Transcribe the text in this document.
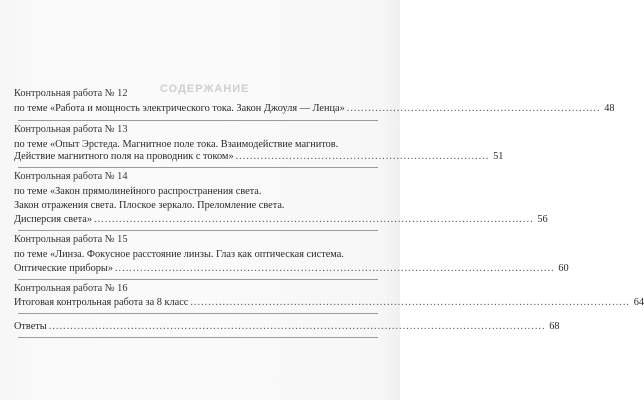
СОДЕРЖАНИЕ
Контрольная работа № 12
по теме «Работа и мощность электрического тока. Закон Джоуля — Ленца» ....................................................................... 48
Контрольная работа № 13
по теме «Опыт Эрстеда. Магнитное поле тока. Взаимодействие магнитов.
Действие магнитного поля на проводник с током» ....................................................................... 51
Контрольная работа № 14
по теме «Закон прямолинейного распространения света.
Закон отражения света. Плоское зеркало. Преломление света.
Дисперсия света» ........................................................................................................................... 56
Контрольная работа № 15
по теме «Линза. Фокусное расстояние линзы. Глаз как оптическая система.
Оптические приборы» ........................................................................................................................... 60
Контрольная работа № 16
Итоговая контрольная работа за 8 класс ........................................................................................................................... 64
Ответы ........................................................................................................................................... 68
